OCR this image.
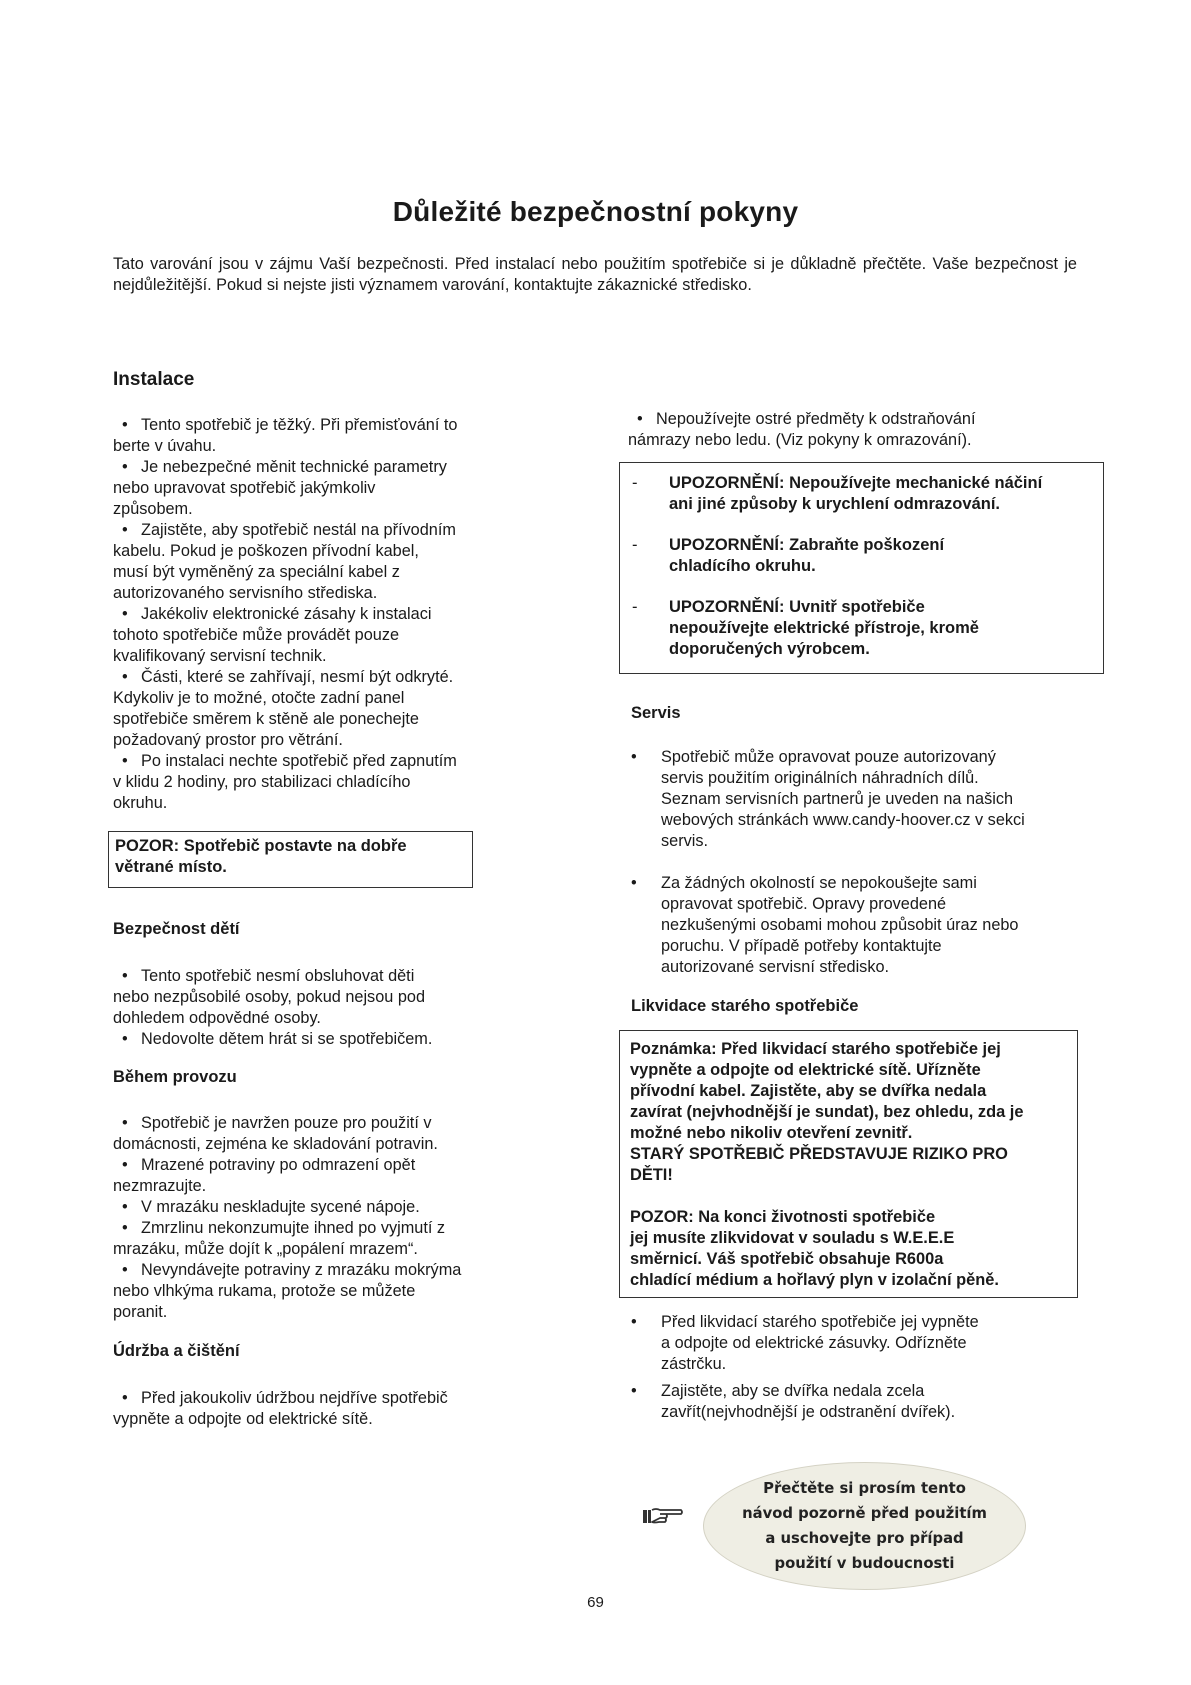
Důležité bezpečnostní pokyny
Tato varování jsou v zájmu Vaší bezpečnosti. Před instalací nebo použitím spotřebiče si je důkladně přečtěte. Vaše bezpečnost je nejdůležitější. Pokud si nejste jisti významem varování, kontaktujte zákaznické středisko.
Instalace

• Tento spotřebič je těžký. Při přemisťování to

berte v úvahu.

• Je nebezpečné měnit technické parametry

nebo upravovat spotřebič jakýmkoliv

způsobem.

• Zajistěte, aby spotřebič nestál na přívodním

kabelu. Pokud je poškozen přívodní kabel,

musí být vyměněný za speciální kabel z

autorizovaného servisního střediska.

• Jakékoliv elektronické zásahy k instalaci

tohoto spotřebiče může provádět pouze

kvalifikovaný servisní technik.

• Části, které se zahřívají, nesmí být odkryté.

Kdykoliv je to možné, otočte zadní panel

spotřebiče směrem k stěně ale ponechejte

požadovaný prostor pro větrání.

• Po instalaci nechte spotřebič před zapnutím

v klidu 2 hodiny, pro stabilizaci chladícího

okruhu.

POZOR: Spotřebič postavte na dobře
větrané místo.
Bezpečnost dětí

• Tento spotřebič nesmí obsluhovat děti

nebo nezpůsobilé osoby, pokud nejsou pod

dohledem odpovědné osoby.

• Nedovolte dětem hrát si se spotřebičem.

Během provozu

• Spotřebič je navržen pouze pro použití v

domácnosti, zejména ke skladování potravin.

• Mrazené potraviny po odmrazení opět

nezmrazujte.

• V mrazáku neskladujte sycené nápoje.

• Zmrzlinu nekonzumujte ihned po vyjmutí z

mrazáku, může dojít k „popálení mrazem“.

• Nevyndávejte potraviny z mrazáku mokrýma

nebo vlhkýma rukama, protože se můžete

poranit.

Údržba a čištění

• Před jakoukoliv údržbou nejdříve spotřebič

vypněte a odpojte od elektrické sítě.

• Nepoužívejte ostré předměty k odstraňování

námrazy nebo ledu. (Viz pokyny k omrazování).

-	UPOZORNĚNÍ: Nepoužívejte mechanické náčiní
ani jiné způsoby k urychlení odmrazování.
-	UPOZORNĚNÍ: Zabraňte poškození
chladícího okruhu.
-	UPOZORNĚNÍ: Uvnitř spotřebiče
nepoužívejte elektrické přístroje, kromě
doporučených výrobcem.
Servis
•	Spotřebič může opravovat pouze autorizovaný
servis použitím originálních náhradních dílů.
Seznam servisních partnerů je uveden na našich
webových stránkách www.candy-hoover.cz v sekci
servis.
•	Za žádných okolností se nepokoušejte sami
opravovat spotřebič. Opravy provedené
nezkušenými osobami mohou způsobit úraz nebo
poruchu. V případě potřeby kontaktujte
autorizované servisní středisko.
Likvidace starého spotřebiče

Poznámka: Před likvidací starého spotřebiče jej

vypněte a odpojte od elektrické sítě. Uřízněte

přívodní kabel. Zajistěte, aby se dvířka nedala

zavírat (nejvhodnější je sundat), bez ohledu, zda je

možné nebo nikoliv otevření zevnitř.

STARÝ SPOTŘEBIČ PŘEDSTAVUJE RIZIKO PRO

DĚTI!

POZOR: Na konci životnosti spotřebiče

jej musíte zlikvidovat v souladu s W.E.E.E

směrnicí. Váš spotřebič obsahuje R600a

chladící médium a hořlavý plyn v izolační pěně.

•	Před likvidací starého spotřebiče jej vypněte
a odpojte od elektrické zásuvky. Odřízněte
zástrčku.
•	Zajistěte, aby se dvířka nedala zcela
zavřít(nejvhodnější je odstranění dvířek).
Přečtěte si prosím tento
návod pozorně před použitím
a uschovejte pro případ
použití v budoucnosti
69
